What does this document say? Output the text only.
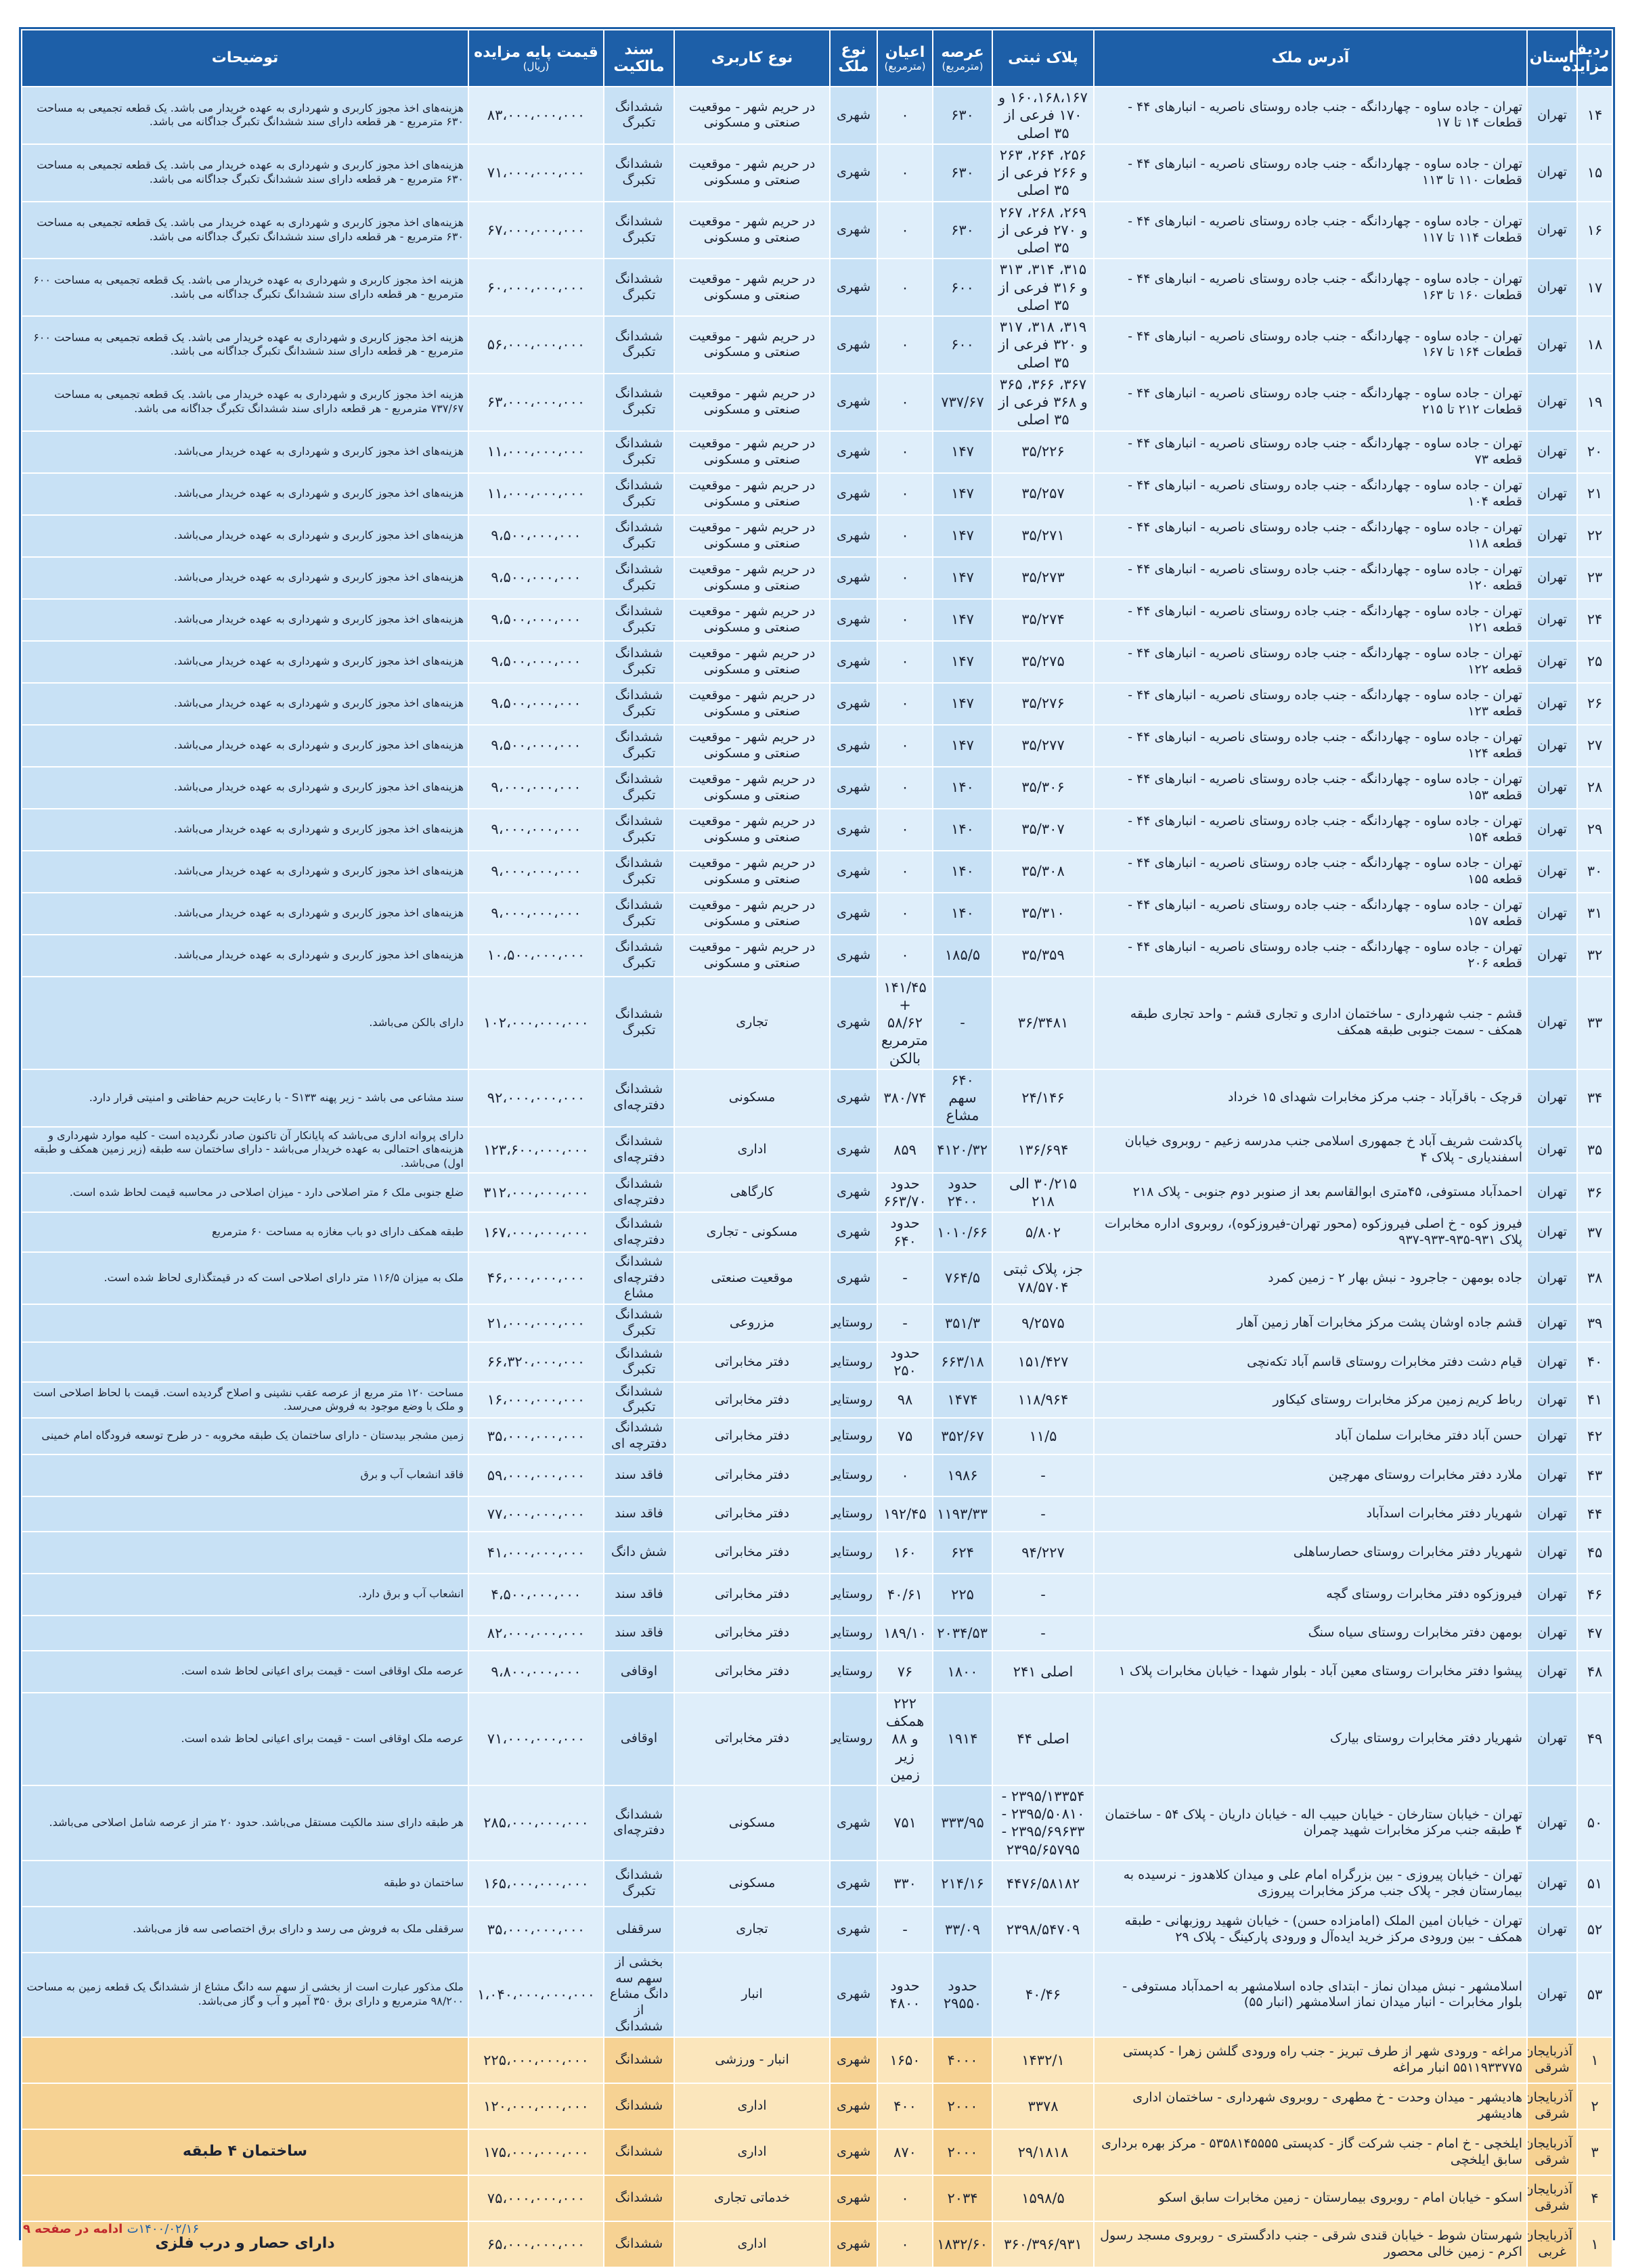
ردیف مزایده	استان	آدرس ملک	پلاک ثبتی	عرصه
(مترمربع)	اعیان
(مترمربع)	نوع ملک	نوع کاربری	سند مالکیت	قیمت پایه مزایده
(ریال)	توضیحات
۱۴	تهران	تهران - جاده ساوه - چهاردانگه - جنب جاده روستای ناصریه - انبارهای ۴۴ - قطعات ۱۴ تا ۱۷	۱۶۰،۱۶۸،۱۶۷ و ۱۷۰ فرعی از ۳۵ اصلی	۶۳۰	۰	شهری	در حریم شهر - موقعیت صنعتی و مسکونی	ششدانگ تکبرگ	۸۳،۰۰۰،۰۰۰،۰۰۰	هزینه‌های اخذ مجوز کاربری و شهرداری به عهده خریدار می باشد. یک قطعه تجمیعی به مساحت ۶۳۰ مترمربع - هر قطعه دارای سند ششدانگ تکبرگ جداگانه می باشد.
۱۵	تهران	تهران - جاده ساوه - چهاردانگه - جنب جاده روستای ناصریه - انبارهای ۴۴ - قطعات ۱۱۰ تا ۱۱۳	۲۵۶، ۲۶۴، ۲۶۳ و ۲۶۶ فرعی از ۳۵ اصلی	۶۳۰	۰	شهری	در حریم شهر - موقعیت صنعتی و مسکونی	ششدانگ تکبرگ	۷۱،۰۰۰،۰۰۰،۰۰۰	هزینه‌های اخذ مجوز کاربری و شهرداری به عهده خریدار می باشد. یک قطعه تجمیعی به مساحت ۶۳۰ مترمربع - هر قطعه دارای سند ششدانگ تکبرگ جداگانه می باشد.
۱۶	تهران	تهران - جاده ساوه - چهاردانگه - جنب جاده روستای ناصریه - انبارهای ۴۴ - قطعات ۱۱۴ تا ۱۱۷	۲۶۹، ۲۶۸، ۲۶۷ و ۲۷۰ فرعی از ۳۵ اصلی	۶۳۰	۰	شهری	در حریم شهر - موقعیت صنعتی و مسکونی	ششدانگ تکبرگ	۶۷،۰۰۰،۰۰۰،۰۰۰	هزینه‌های اخذ مجوز کاربری و شهرداری به عهده خریدار می باشد. یک قطعه تجمیعی به مساحت ۶۳۰ مترمربع - هر قطعه دارای سند ششدانگ تکبرگ جداگانه می باشد.
۱۷	تهران	تهران - جاده ساوه - چهاردانگه - جنب جاده روستای ناصریه - انبارهای ۴۴ - قطعات ۱۶۰ تا ۱۶۳	۳۱۵، ۳۱۴، ۳۱۳ و ۳۱۶ فرعی از ۳۵ اصلی	۶۰۰	۰	شهری	در حریم شهر - موقعیت صنعتی و مسکونی	ششدانگ تکبرگ	۶۰،۰۰۰،۰۰۰،۰۰۰	هزینه اخذ مجوز کاربری و شهرداری به عهده خریدار می باشد. یک قطعه تجمیعی به مساحت ۶۰۰ مترمربع - هر قطعه دارای سند ششدانگ تکبرگ جداگانه می باشد.
۱۸	تهران	تهران - جاده ساوه - چهاردانگه - جنب جاده روستای ناصریه - انبارهای ۴۴ - قطعات ۱۶۴ تا ۱۶۷	۳۱۹، ۳۱۸، ۳۱۷ و ۳۲۰ فرعی از ۳۵ اصلی	۶۰۰	۰	شهری	در حریم شهر - موقعیت صنعتی و مسکونی	ششدانگ تکبرگ	۵۶،۰۰۰،۰۰۰،۰۰۰	هزینه اخذ مجوز کاربری و شهرداری به عهده خریدار می باشد. یک قطعه تجمیعی به مساحت ۶۰۰ مترمربع - هر قطعه دارای سند ششدانگ تکبرگ جداگانه می باشد.
۱۹	تهران	تهران - جاده ساوه - چهاردانگه - جنب جاده روستای ناصریه - انبارهای ۴۴ - قطعات ۲۱۲ تا ۲۱۵	۳۶۷، ۳۶۶، ۳۶۵ و ۳۶۸ فرعی از ۳۵ اصلی	۷۳۷/۶۷	۰	شهری	در حریم شهر - موقعیت صنعتی و مسکونی	ششدانگ تکبرگ	۶۳،۰۰۰،۰۰۰،۰۰۰	هزینه اخذ مجوز کاربری و شهرداری به عهده خریدار می باشد. یک قطعه تجمیعی به مساحت ۷۳۷/۶۷ مترمربع - هر قطعه دارای سند ششدانگ تکبرگ جداگانه می باشد.
۲۰	تهران	تهران - جاده ساوه - چهاردانگه - جنب جاده روستای ناصریه - انبارهای ۴۴ - قطعه ۷۳	۳۵/۲۲۶	۱۴۷	۰	شهری	در حریم شهر - موقعیت صنعتی و مسکونی	ششدانگ تکبرگ	۱۱،۰۰۰،۰۰۰،۰۰۰	هزینه‌های اخذ مجوز کاربری و شهرداری به عهده خریدار می‌باشد.
۲۱	تهران	تهران - جاده ساوه - چهاردانگه - جنب جاده روستای ناصریه - انبارهای ۴۴ - قطعه ۱۰۴	۳۵/۲۵۷	۱۴۷	۰	شهری	در حریم شهر - موقعیت صنعتی و مسکونی	ششدانگ تکبرگ	۱۱،۰۰۰،۰۰۰،۰۰۰	هزینه‌های اخذ مجوز کاربری و شهرداری به عهده خریدار می‌باشد.
۲۲	تهران	تهران - جاده ساوه - چهاردانگه - جنب جاده روستای ناصریه - انبارهای ۴۴ - قطعه ۱۱۸	۳۵/۲۷۱	۱۴۷	۰	شهری	در حریم شهر - موقعیت صنعتی و مسکونی	ششدانگ تکبرگ	۹،۵۰۰،۰۰۰،۰۰۰	هزینه‌های اخذ مجوز کاربری و شهرداری به عهده خریدار می‌باشد.
۲۳	تهران	تهران - جاده ساوه - چهاردانگه - جنب جاده روستای ناصریه - انبارهای ۴۴ - قطعه ۱۲۰	۳۵/۲۷۳	۱۴۷	۰	شهری	در حریم شهر - موقعیت صنعتی و مسکونی	ششدانگ تکبرگ	۹،۵۰۰،۰۰۰،۰۰۰	هزینه‌های اخذ مجوز کاربری و شهرداری به عهده خریدار می‌باشد.
۲۴	تهران	تهران - جاده ساوه - چهاردانگه - جنب جاده روستای ناصریه - انبارهای ۴۴ - قطعه ۱۲۱	۳۵/۲۷۴	۱۴۷	۰	شهری	در حریم شهر - موقعیت صنعتی و مسکونی	ششدانگ تکبرگ	۹،۵۰۰،۰۰۰،۰۰۰	هزینه‌های اخذ مجوز کاربری و شهرداری به عهده خریدار می‌باشد.
۲۵	تهران	تهران - جاده ساوه - چهاردانگه - جنب جاده روستای ناصریه - انبارهای ۴۴ - قطعه ۱۲۲	۳۵/۲۷۵	۱۴۷	۰	شهری	در حریم شهر - موقعیت صنعتی و مسکونی	ششدانگ تکبرگ	۹،۵۰۰،۰۰۰،۰۰۰	هزینه‌های اخذ مجوز کاربری و شهرداری به عهده خریدار می‌باشد.
۲۶	تهران	تهران - جاده ساوه - چهاردانگه - جنب جاده روستای ناصریه - انبارهای ۴۴ - قطعه ۱۲۳	۳۵/۲۷۶	۱۴۷	۰	شهری	در حریم شهر - موقعیت صنعتی و مسکونی	ششدانگ تکبرگ	۹،۵۰۰،۰۰۰،۰۰۰	هزینه‌های اخذ مجوز کاربری و شهرداری به عهده خریدار می‌باشد.
۲۷	تهران	تهران - جاده ساوه - چهاردانگه - جنب جاده روستای ناصریه - انبارهای ۴۴ - قطعه ۱۲۴	۳۵/۲۷۷	۱۴۷	۰	شهری	در حریم شهر - موقعیت صنعتی و مسکونی	ششدانگ تکبرگ	۹،۵۰۰،۰۰۰،۰۰۰	هزینه‌های اخذ مجوز کاربری و شهرداری به عهده خریدار می‌باشد.
۲۸	تهران	تهران - جاده ساوه - چهاردانگه - جنب جاده روستای ناصریه - انبارهای ۴۴ - قطعه ۱۵۳	۳۵/۳۰۶	۱۴۰	۰	شهری	در حریم شهر - موقعیت صنعتی و مسکونی	ششدانگ تکبرگ	۹،۰۰۰،۰۰۰،۰۰۰	هزینه‌های اخذ مجوز کاربری و شهرداری به عهده خریدار می‌باشد.
۲۹	تهران	تهران - جاده ساوه - چهاردانگه - جنب جاده روستای ناصریه - انبارهای ۴۴ - قطعه ۱۵۴	۳۵/۳۰۷	۱۴۰	۰	شهری	در حریم شهر - موقعیت صنعتی و مسکونی	ششدانگ تکبرگ	۹،۰۰۰،۰۰۰،۰۰۰	هزینه‌های اخذ مجوز کاربری و شهرداری به عهده خریدار می‌باشد.
۳۰	تهران	تهران - جاده ساوه - چهاردانگه - جنب جاده روستای ناصریه - انبارهای ۴۴ - قطعه ۱۵۵	۳۵/۳۰۸	۱۴۰	۰	شهری	در حریم شهر - موقعیت صنعتی و مسکونی	ششدانگ تکبرگ	۹،۰۰۰،۰۰۰،۰۰۰	هزینه‌های اخذ مجوز کاربری و شهرداری به عهده خریدار می‌باشد.
۳۱	تهران	تهران - جاده ساوه - چهاردانگه - جنب جاده روستای ناصریه - انبارهای ۴۴ - قطعه ۱۵۷	۳۵/۳۱۰	۱۴۰	۰	شهری	در حریم شهر - موقعیت صنعتی و مسکونی	ششدانگ تکبرگ	۹،۰۰۰،۰۰۰،۰۰۰	هزینه‌های اخذ مجوز کاربری و شهرداری به عهده خریدار می‌باشد.
۳۲	تهران	تهران - جاده ساوه - چهاردانگه - جنب جاده روستای ناصریه - انبارهای ۴۴ - قطعه ۲۰۶	۳۵/۳۵۹	۱۸۵/۵	۰	شهری	در حریم شهر - موقعیت صنعتی و مسکونی	ششدانگ تکبرگ	۱۰،۵۰۰،۰۰۰،۰۰۰	هزینه‌های اخذ مجوز کاربری و شهرداری به عهده خریدار می‌باشد.
۳۳	تهران	قشم - جنب شهرداری - ساختمان اداری و تجاری قشم - واحد تجاری طبقه همکف - سمت جنوبی طبقه همکف	۳۶/۳۴۸۱	-	۱۴۱/۴۵ + ۵۸/۶۲ مترمربع بالکن	شهری	تجاری	ششدانگ تکبرگ	۱۰۲،۰۰۰،۰۰۰،۰۰۰	دارای بالکن می‌باشد.
۳۴	تهران	قرچک - باقرآباد - جنب مرکز مخابرات شهدای ۱۵ خرداد	۲۴/۱۴۶	۶۴۰ سهم مشاع	۳۸۰/۷۴	شهری	مسکونی	ششدانگ دفترچه‌ای	۹۲،۰۰۰،۰۰۰،۰۰۰	سند مشاعی می باشد - زیر پهنه S۱۳۳ - با رعایت حریم حفاظتی و امنیتی قرار دارد.
۳۵	تهران	پاکدشت شریف آباد خ جمهوری اسلامی جنب مدرسه زعیم - روبروی خیابان اسفندیاری - پلاک ۴	۱۳۶/۶۹۴	۴۱۲۰/۳۲	۸۵۹	شهری	اداری	ششدانگ دفترچه‌ای	۱۲۳،۶۰۰،۰۰۰،۰۰۰	دارای پروانه اداری می‌باشد که پایانکار آن تاکنون صادر نگردیده است - کلیه موارد شهرداری و هزینه‌های احتمالی به عهده خریدار می‌باشد - دارای ساختمان سه طبقه (زیر زمین همکف و طبقه اول) می‌باشد.
۳۶	تهران	احمدآباد مستوفی، ۴۵متری ابوالقاسم بعد از صنوبر دوم جنوبی - پلاک ۲۱۸	۳۰/۲۱۵ الی ۲۱۸	حدود ۲۴۰۰	حدود ۶۶۳/۷۰	شهری	کارگاهی	ششدانگ دفترچه‌ای	۳۱۲،۰۰۰،۰۰۰،۰۰۰	ضلع جنوبی ملک ۶ متر اصلاحی دارد - میزان اصلاحی در محاسبه قیمت لحاظ شده است.
۳۷	تهران	فیروز کوه - خ اصلی فیروزکوه (محور تهران-فیروزکوه)، روبروی اداره مخابرات پلاک ۹۳۱-۹۳۵-۹۳۳-۹۳۷	۵/۸۰۲	۱۰۱۰/۶۶	حدود ۶۴۰	شهری	مسکونی - تجاری	ششدانگ دفترچه‌ای	۱۶۷،۰۰۰،۰۰۰،۰۰۰	طبقه همکف دارای دو باب مغازه به مساحت ۶۰ مترمربع
۳۸	تهران	جاده بومهن - جاجرود - نبش بهار ۲ - زمین کمرد	جز، پلاک ثبتی ۷۸/۵۷۰۴	۷۶۴/۵	-	شهری	موقعیت صنعتی	ششدانگ دفترچه‌ای مشاع	۴۶،۰۰۰،۰۰۰،۰۰۰	ملک به میزان ۱۱۶/۵ متر دارای اصلاحی است که در قیمتگذاری لحاظ شده است.
۳۹	تهران	قشم جاده اوشان پشت مرکز مخابرات آهار زمین آهار	۹/۲۵۷۵	۳۵۱/۳	-	روستایی	مزروعی	ششدانگ تکبرگ	۲۱،۰۰۰،۰۰۰،۰۰۰	
۴۰	تهران	قیام دشت دفتر مخابرات روستای قاسم آباد تکه‌نچی	۱۵۱/۴۲۷	۶۶۳/۱۸	حدود ۲۵۰	روستایی	دفتر مخابراتی	ششدانگ تکبرگ	۶۶،۳۲۰،۰۰۰،۰۰۰	
۴۱	تهران	رباط کریم زمین مرکز مخابرات روستای کیکاور	۱۱۸/۹۶۴	۱۴۷۴	۹۸	روستایی	دفتر مخابراتی	ششدانگ تکبرگ	۱۶،۰۰۰،۰۰۰،۰۰۰	مساحت ۱۲۰ متر مربع از عرصه عقب نشینی و اصلاح گردیده است. قیمت با لحاظ اصلاحی است و ملک با وضع موجود به فروش می‌رسد.
۴۲	تهران	حسن آباد دفتر مخابرات سلمان آباد	۱۱/۵	۳۵۲/۶۷	۷۵	روستایی	دفتر مخابراتی	ششدانگ دفترچه ای	۳۵،۰۰۰،۰۰۰،۰۰۰	زمین مشجر بیدستان - دارای ساختمان یک طبقه مخروبه - در طرح توسعه فرودگاه امام خمینی
۴۳	تهران	ملارد دفتر مخابرات روستای مهرچین	-	۱۹۸۶	۰	روستایی	دفتر مخابراتی	فاقد سند	۵۹،۰۰۰،۰۰۰،۰۰۰	فاقد انشعاب آب و برق
۴۴	تهران	شهریار دفتر مخابرات اسدآباد	-	۱۱۹۳/۳۳	۱۹۲/۴۵	روستایی	دفتر مخابراتی	فاقد سند	۷۷،۰۰۰،۰۰۰،۰۰۰	
۴۵	تهران	شهریار دفتر مخابرات روستای حصارساهلی	۹۴/۲۲۷	۶۲۴	۱۶۰	روستایی	دفتر مخابراتی	شش دانگ	۴۱،۰۰۰،۰۰۰،۰۰۰	
۴۶	تهران	فیروزکوه دفتر مخابرات روستای گچه	-	۲۲۵	۴۰/۶۱	روستایی	دفتر مخابراتی	فاقد سند	۴،۵۰۰،۰۰۰،۰۰۰	انشعاب آب و برق دارد.
۴۷	تهران	بومهن دفتر مخابرات روستای سیاه سنگ	-	۲۰۳۴/۵۳	۱۸۹/۱۰	روستایی	دفتر مخابراتی	فاقد سند	۸۲،۰۰۰،۰۰۰،۰۰۰	
۴۸	تهران	پیشوا دفتر مخابرات روستای معین آباد - بلوار شهدا - خیابان مخابرات پلاک ۱	اصلی ۲۴۱	۱۸۰۰	۷۶	روستایی	دفتر مخابراتی	اوقافی	۹،۸۰۰،۰۰۰،۰۰۰	عرصه ملک اوقافی است - قیمت برای اعیانی لحاظ شده است.
۴۹	تهران	شهریار دفتر مخابرات روستای بیارک	اصلی ۴۴	۱۹۱۴	۲۲۲ همکف و ۸۸ زیر زمین	روستایی	دفتر مخابراتی	اوقافی	۷۱،۰۰۰،۰۰۰،۰۰۰	عرصه ملک اوقافی است - قیمت برای اعیانی لحاظ شده است.
۵۰	تهران	تهران - خیابان ستارخان - خیابان حبیب اله - خیابان داریان - پلاک ۵۴ - ساختمان ۴ طبقه جنب مرکز مخابرات شهید چمران	۲۳۹۵/۱۳۳۵۴ - ۲۳۹۵/۵۰۸۱۰ - ۲۳۹۵/۶۹۶۳۳ - ۲۳۹۵/۶۵۷۹۵	۳۳۳/۹۵	۷۵۱	شهری	مسکونی	ششدانگ دفترچه‌ای	۲۸۵،۰۰۰،۰۰۰،۰۰۰	هر طبقه دارای سند مالکیت مستقل می‌باشد. حدود ۲۰ متر از عرصه شامل اصلاحی می‌باشد.
۵۱	تهران	تهران - خیابان پیروزی - بین بزرگراه امام علی و میدان کلاهدوز - نرسیده به بیمارستان فجر - پلاک جنب مرکز مخابرات پیروزی	۴۴۷۶/۵۸۱۸۲	۲۱۴/۱۶	۳۳۰	شهری	مسکونی	ششدانگ تکبرگ	۱۶۵،۰۰۰،۰۰۰،۰۰۰	ساختمان دو طبقه
۵۲	تهران	تهران - خیابان امین الملک (امامزاده حسن) - خیابان شهید روزبهانی - طبقه همکف - بین ورودی مرکز خرید ایده‌آل و ورودی پارکینگ - پلاک ۲۹	۲۳۹۸/۵۴۷۰۹	۳۳/۰۹	-	شهری	تجاری	سرقفلی	۳۵،۰۰۰،۰۰۰،۰۰۰	سرقفلی ملک به فروش می رسد و دارای برق اختصاصی سه فاز می‌باشد.
۵۳	تهران	اسلامشهر - نبش میدان نماز - ابتدای جاده اسلامشهر به احمدآباد مستوفی - بلوار مخابرات - انبار میدان نماز اسلامشهر (انبار ۵۵)	۴۰/۴۶	حدود ۲۹۵۵۰	حدود ۴۸۰۰	شهری	انبار	بخشی از سهم سه دانگ مشاع از ششدانگ	۱،۰۴۰،۰۰۰،۰۰۰،۰۰۰	ملک مذکور عبارت است از بخشی از سهم سه دانگ مشاع از ششدانگ یک قطعه زمین به مساحت ۹۸/۲۰۰ مترمربع و دارای برق ۳۵۰ آمپر و آب و گاز می‌باشد.
۱	آذربایجان شرقی	مراغه - ورودی شهر از طرف تبریز - جنب راه ورودی گلشن زهرا - کدپستی ۵۵۱۱۹۳۳۷۷۵ انبار مراغه	۱۴۳۲/۱	۴۰۰۰	۱۶۵۰	شهری	انبار - ورزشی	ششدانگ	۲۲۵،۰۰۰،۰۰۰،۰۰۰	
۲	آذربایجان شرقی	هادیشهر - میدان وحدت - خ مطهری - روبروی شهرداری - ساختمان اداری هادیشهر	۳۳۷۸	۲۰۰۰	۴۰۰	شهری	اداری	ششدانگ	۱۲۰،۰۰۰،۰۰۰،۰۰۰	
۳	آذربایجان شرقی	ایلخچی - خ امام - جنب شرکت گاز - کدپستی ۵۳۵۸۱۴۵۵۵۵ - مرکز بهره برداری سابق ایلخچی	۲۹/۱۸۱۸	۲۰۰۰	۸۷۰	شهری	اداری	ششدانگ	۱۷۵،۰۰۰،۰۰۰،۰۰۰	ساختمان ۴ طبقه
۴	آذربایجان شرقی	اسکو - خیابان امام - روبروی بیمارستان - زمین مخابرات سابق اسکو	۱۵۹۸/۵	۲۰۳۴	۰	شهری	خدماتی تجاری	ششدانگ	۷۵،۰۰۰،۰۰۰،۰۰۰	
۱	آذربایجان غربی	شهرستان شوط - خیابان قندی شرقی - جنب دادگستری - روبروی مسجد رسول اکرم - زمین خالی محصور	۳۶۰/۳۹۶/۹۳۱	۱۸۳۲/۶۰	۰	شهری	اداری	ششدانگ	۶۵،۰۰۰،۰۰۰،۰۰۰	دارای حصار و درب فلزی
۱۴۰۰/۰۲/۱۶ت ادامه در صفحه ۹
